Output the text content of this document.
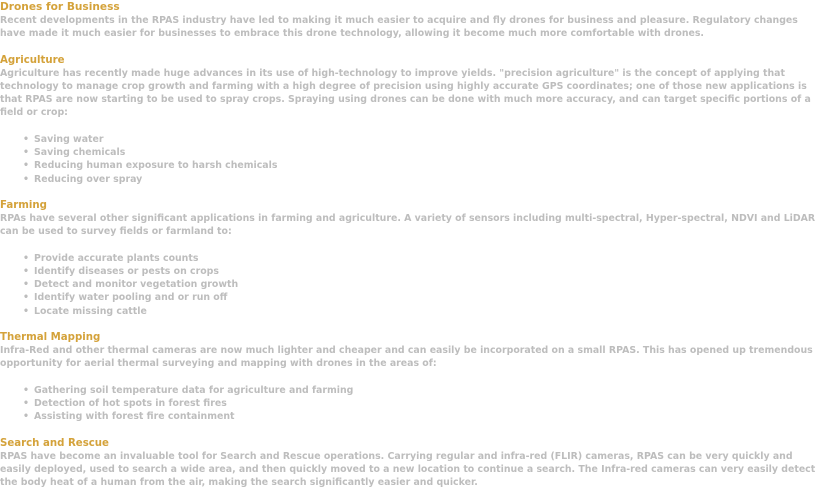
Drones for Business

Recent developments in the RPAS industry have led to making it much easier to acquire and fly drones for business and pleasure. Regulatory changes have made it much easier for businesses to embrace this drone technology, allowing it become much more comfortable with drones.

Agriculture

Agriculture has recently made huge advances in its use of high-technology to improve yields. "precision agriculture" is the concept of applying that technology to manage crop growth and farming with a high degree of precision using highly accurate GPS coordinates; one of those new applications is that RPAS are now starting to be used to spray crops. Spraying using drones can be done with much more accuracy, and can target specific portions of a field or crop:

• Saving water
• Saving chemicals
• Reducing human exposure to harsh chemicals
• Reducing over spray
Farming

RPAs have several other significant applications in farming and agriculture. A variety of sensors including multi-spectral, Hyper-spectral, NDVI and LiDAR can be used to survey fields or farmland to:

• Provide accurate plants counts
• Identify diseases or pests on crops
• Detect and monitor vegetation growth
• Identify water pooling and or run off
• Locate missing cattle
Thermal Mapping

Infra-Red and other thermal cameras are now much lighter and cheaper and can easily be incorporated on a small RPAS. This has opened up tremendous opportunity for aerial thermal surveying and mapping with drones in the areas of:

• Gathering soil temperature data for agriculture and farming
• Detection of hot spots in forest fires
• Assisting with forest fire containment
Search and Rescue

RPAS have become an invaluable tool for Search and Rescue operations. Carrying regular and infra-red (FLIR) cameras, RPAS can be very quickly and easily deployed, used to search a wide area, and then quickly moved to a new location to continue a search. The Infra-red cameras can very easily detect the body heat of a human from the air, making the search significantly easier and quicker.
